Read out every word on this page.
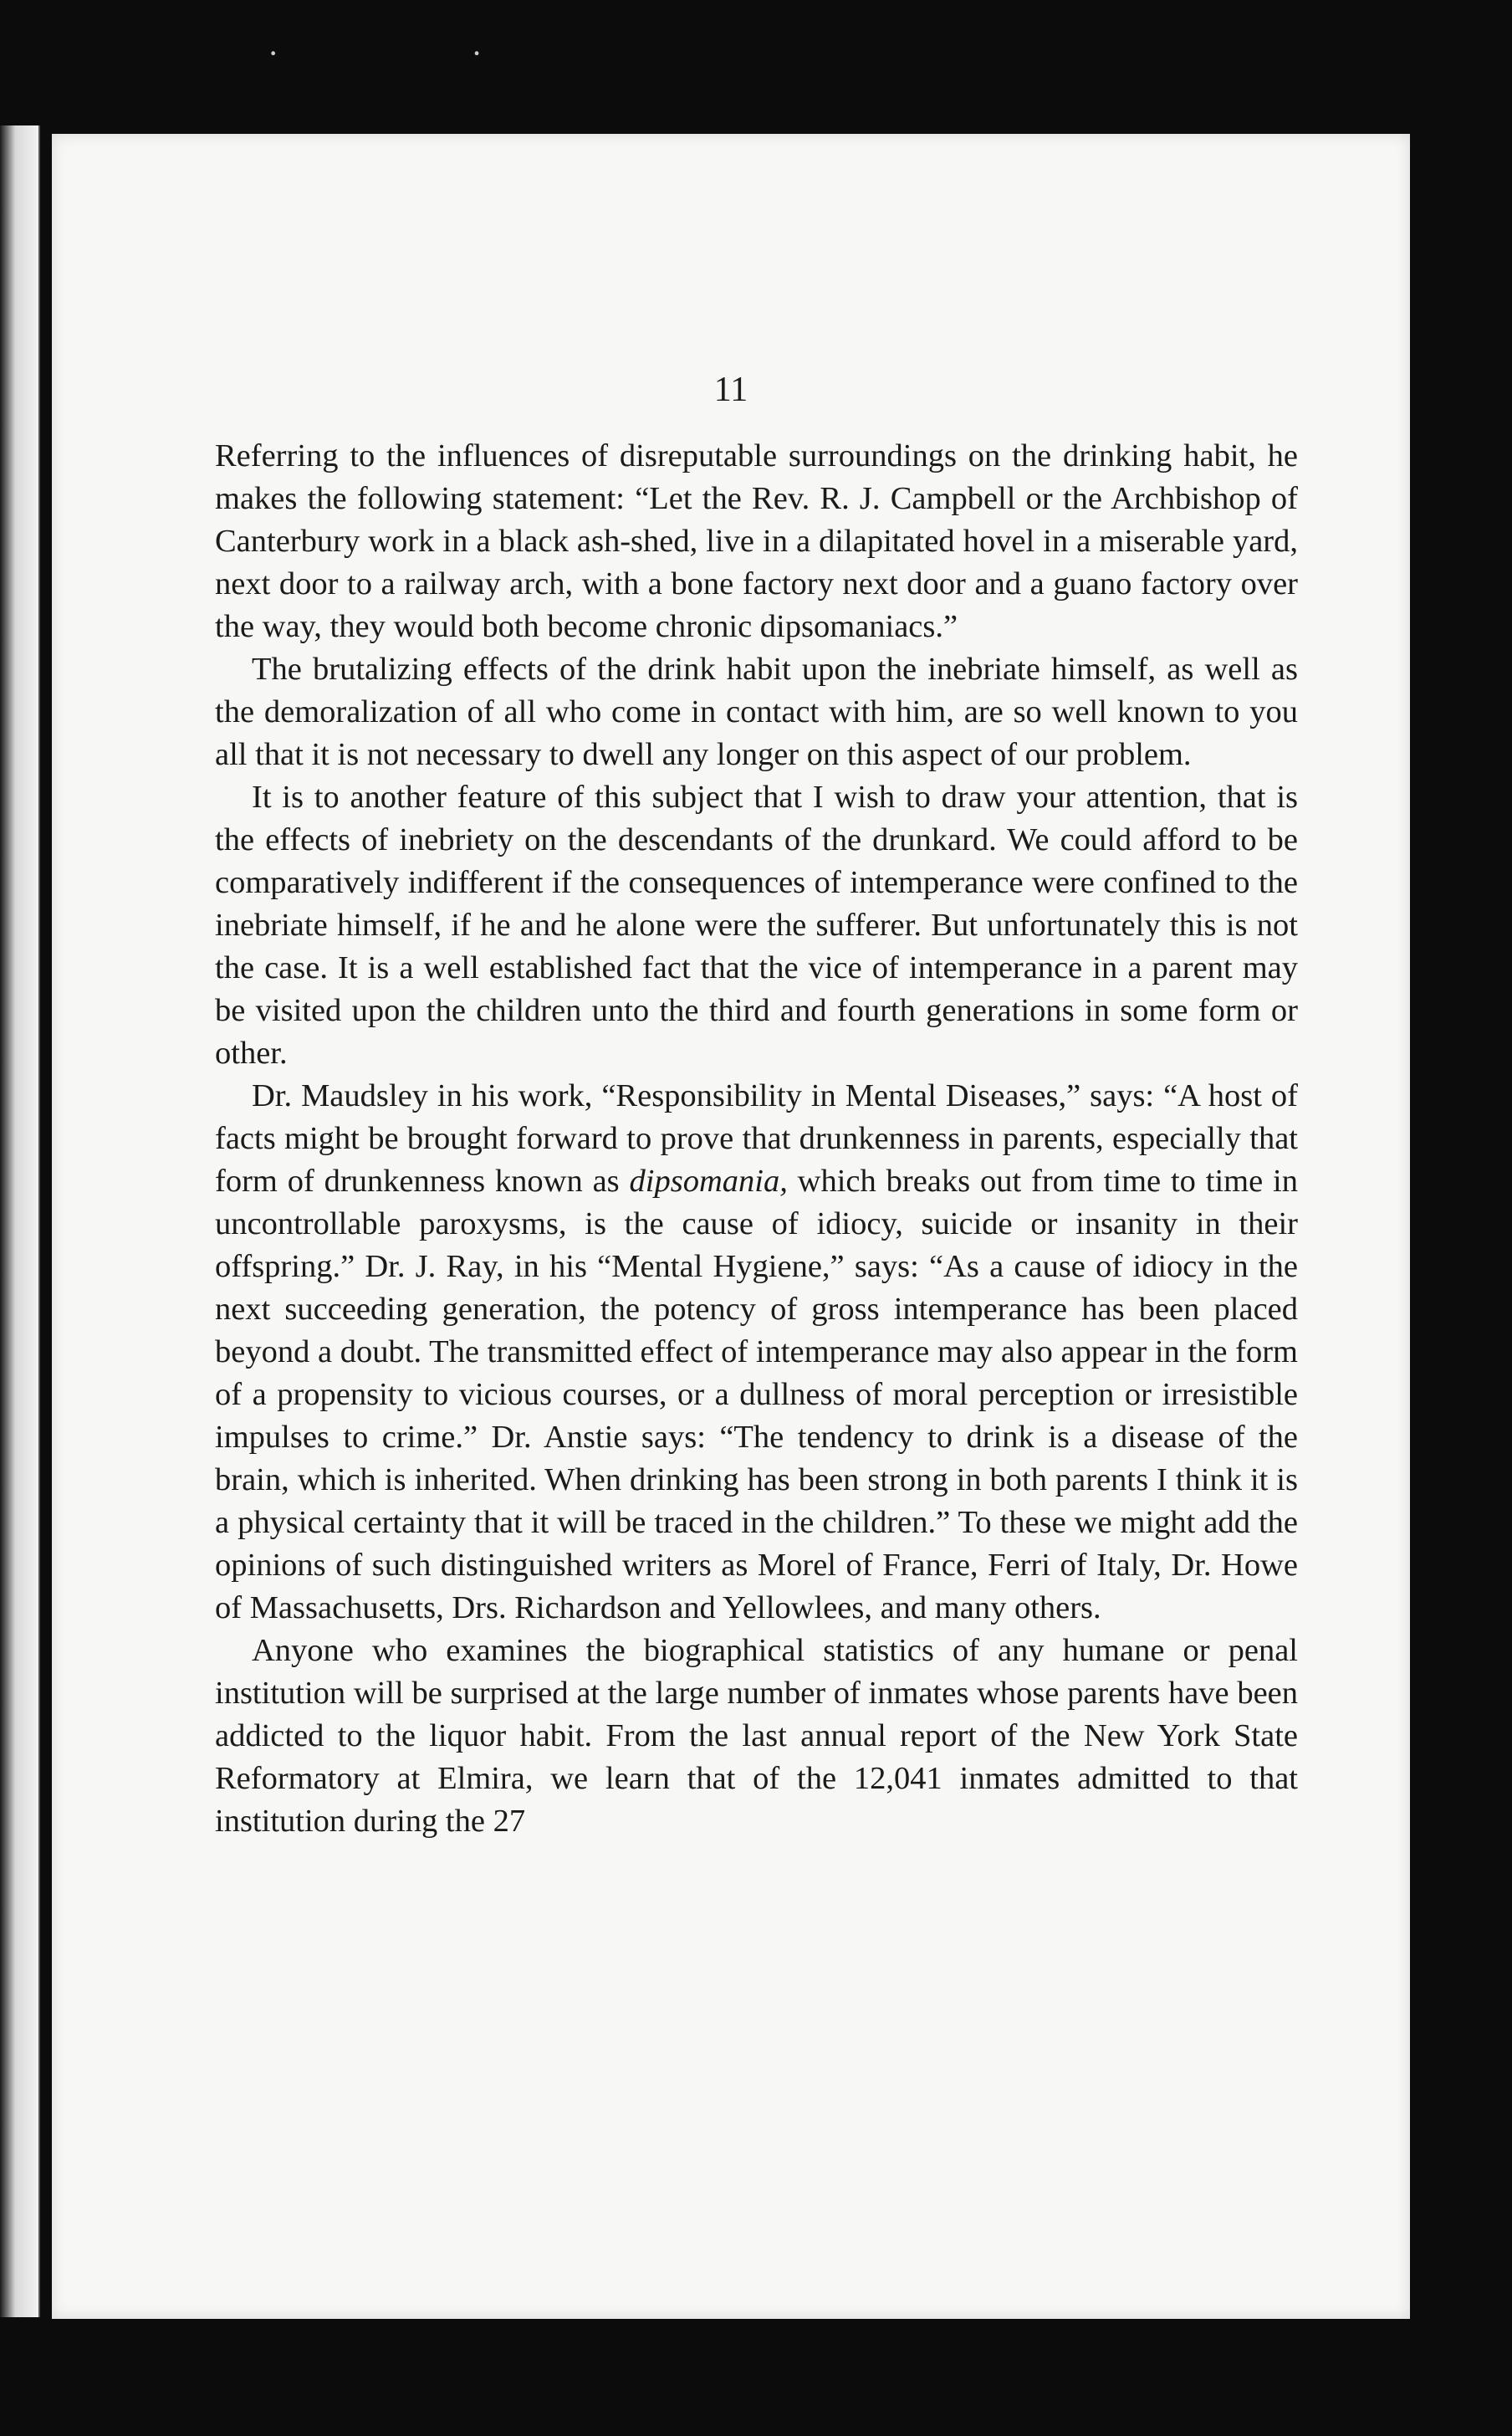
· ·
11

Referring to the influences of disreputable surroundings on the drinking habit, he makes the following statement: “Let the Rev. R. J. Campbell or the Archbishop of Canterbury work in a black ash-shed, live in a dilapitated hovel in a miserable yard, next door to a railway arch, with a bone factory next door and a guano factory over the way, they would both become chronic dipsomaniacs.”

The brutalizing effects of the drink habit upon the inebriate himself, as well as the demoralization of all who come in contact with him, are so well known to you all that it is not necessary to dwell any longer on this aspect of our problem.

It is to another feature of this subject that I wish to draw your attention, that is the effects of inebriety on the descendants of the drunkard. We could afford to be comparatively indifferent if the consequences of intemperance were confined to the inebriate himself, if he and he alone were the sufferer. But unfortunately this is not the case. It is a well established fact that the vice of intemperance in a parent may be visited upon the children unto the third and fourth generations in some form or other.

Dr. Maudsley in his work, “Responsibility in Mental Diseases,” says: “A host of facts might be brought forward to prove that drunkenness in parents, especially that form of drunkenness known as dipsomania, which breaks out from time to time in uncontrollable paroxysms, is the cause of idiocy, suicide or insanity in their offspring.” Dr. J. Ray, in his “Mental Hygiene,” says: “As a cause of idiocy in the next succeeding generation, the potency of gross intemperance has been placed beyond a doubt. The transmitted effect of intemperance may also appear in the form of a propensity to vicious courses, or a dullness of moral perception or irresistible impulses to crime.” Dr. Anstie says: “The tendency to drink is a disease of the brain, which is inherited. When drinking has been strong in both parents I think it is a physical certainty that it will be traced in the children.” To these we might add the opinions of such distinguished writers as Morel of France, Ferri of Italy, Dr. Howe of Massachusetts, Drs. Richardson and Yellowlees, and many others.

Anyone who examines the biographical statistics of any humane or penal institution will be surprised at the large number of inmates whose parents have been addicted to the liquor habit. From the last annual report of the New York State Reformatory at Elmira, we learn that of the 12,041 inmates admitted to that institution during the 27
